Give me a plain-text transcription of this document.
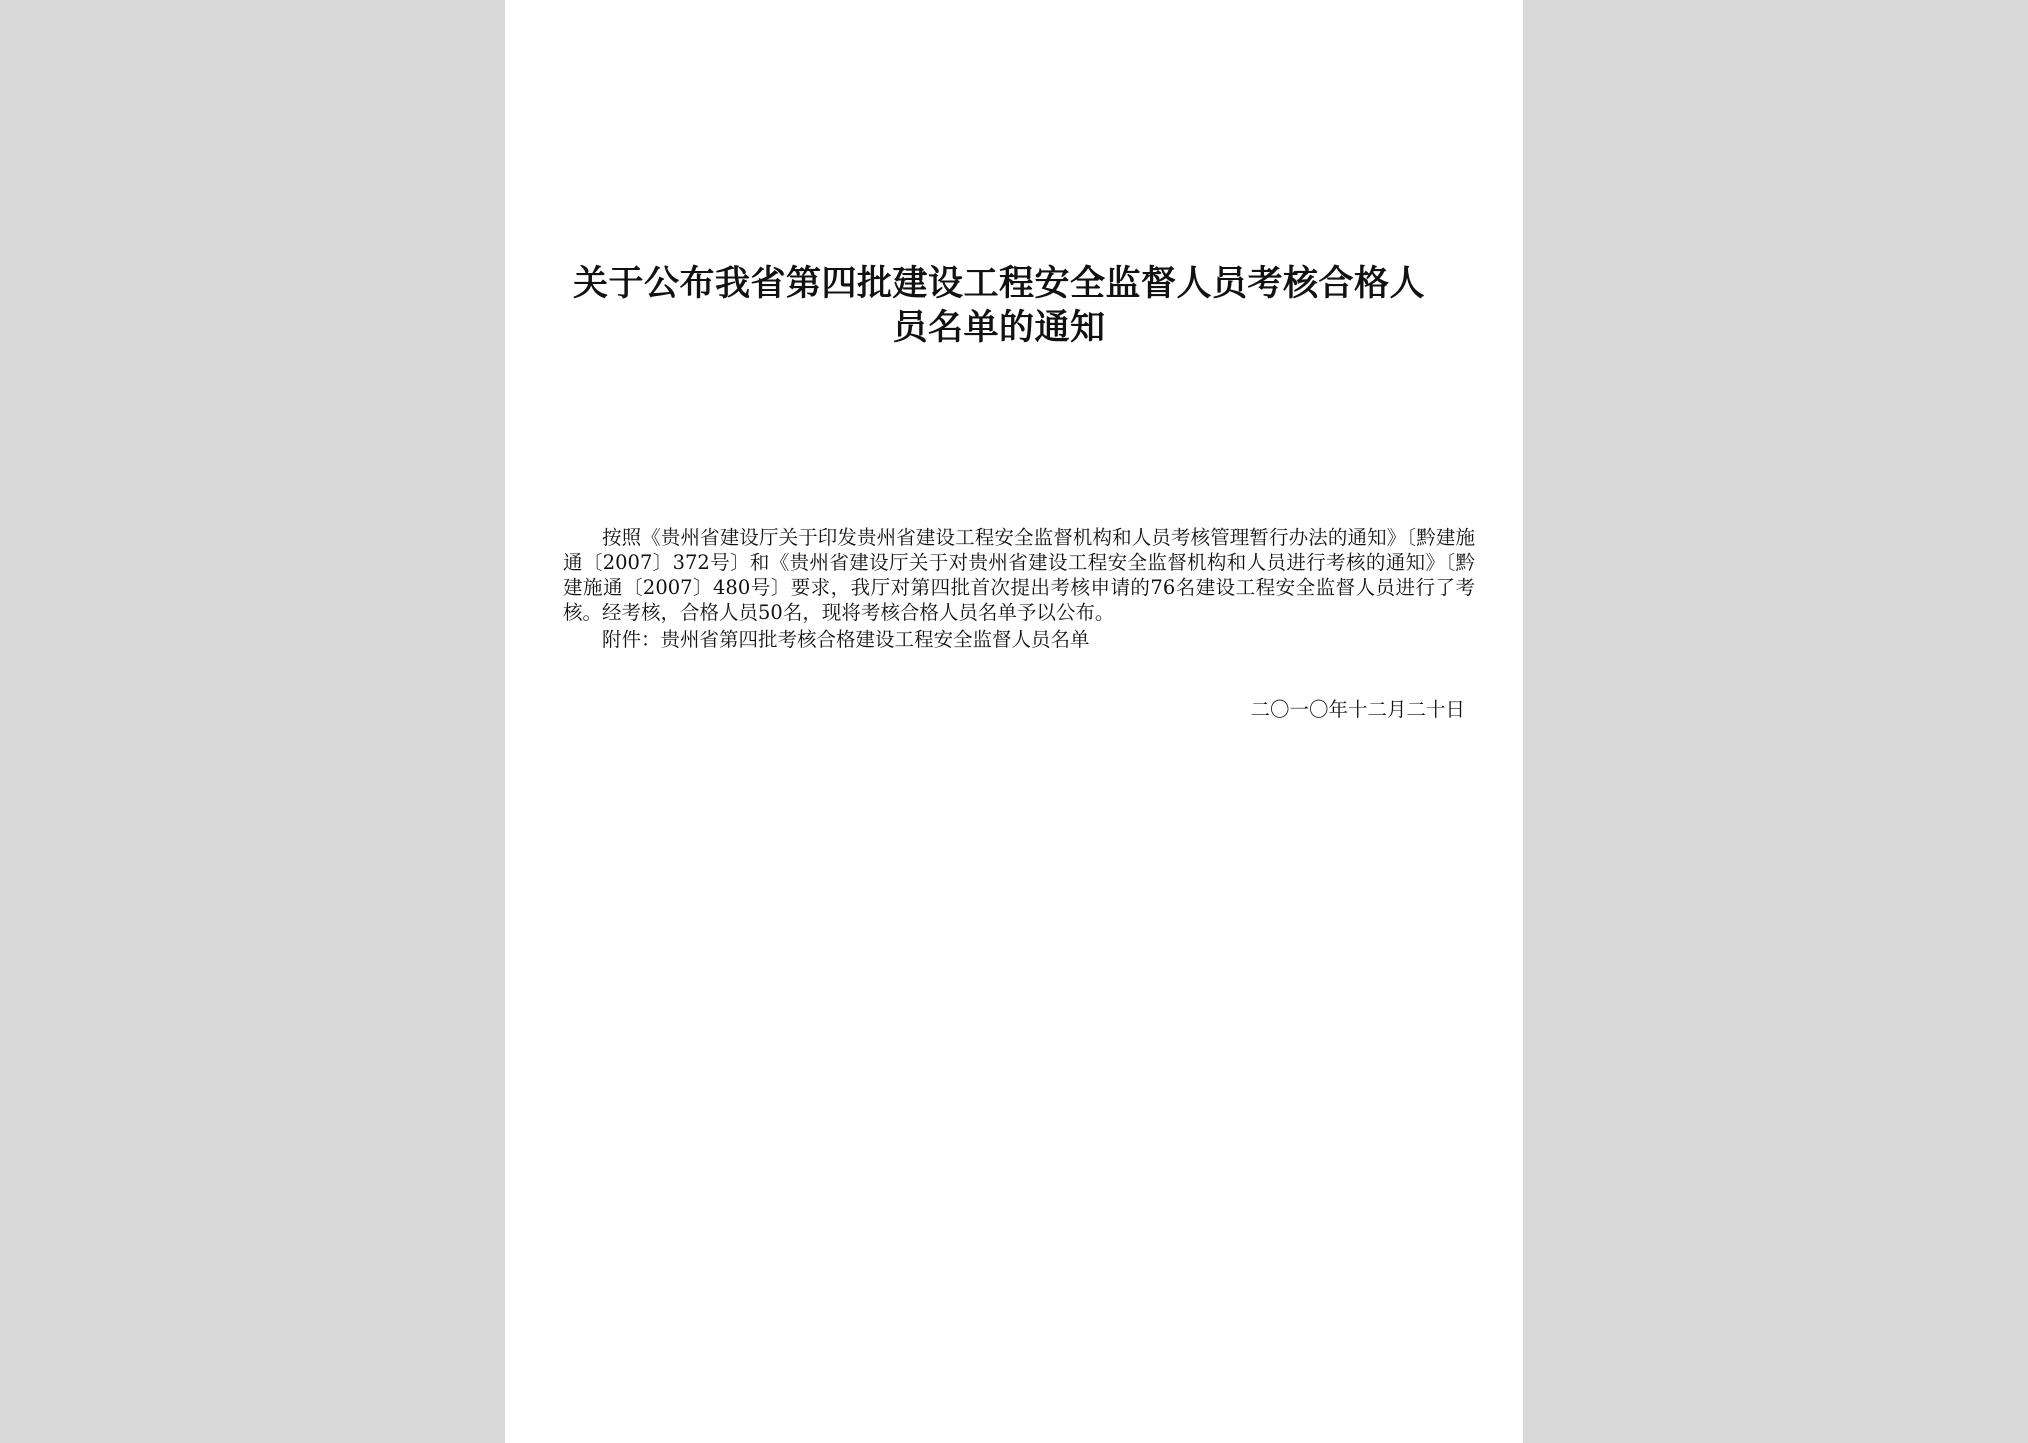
关于公布我省第四批建设工程安全监督人员考核合格人员名单的通知

按照《贵州省建设厅关于印发贵州省建设工程安全监督机构和人员考核管理暂行办法的通知》〔黔建施通〔2007〕372号〕和《贵州省建设厅关于对贵州省建设工程安全监督机构和人员进行考核的通知》〔黔建施通〔2007〕480号〕要求，我厅对第四批首次提出考核申请的76名建设工程安全监督人员进行了考核。经考核，合格人员50名，现将考核合格人员名单予以公布。

附件：贵州省第四批考核合格建设工程安全监督人员名单

二〇一〇年十二月二十日
